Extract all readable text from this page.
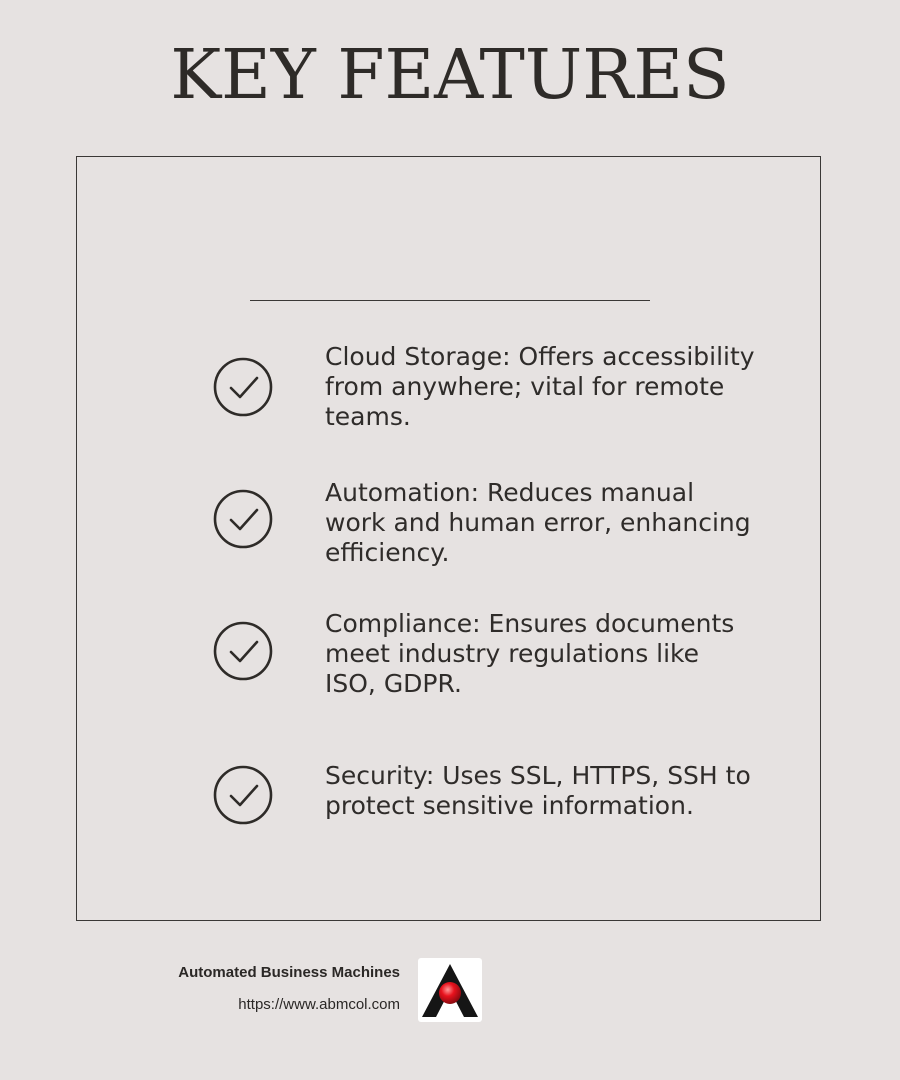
KEY FEATURES

Cloud Storage: Offers accessibility from anywhere; vital for remote teams.

Automation: Reduces manual work and human error, enhancing efficiency.

Compliance: Ensures documents meet industry regulations like ISO, GDPR.

Security: Uses SSL, HTTPS, SSH to protect sensitive information.

Automated Business Machines
https://www.abmcol.com
